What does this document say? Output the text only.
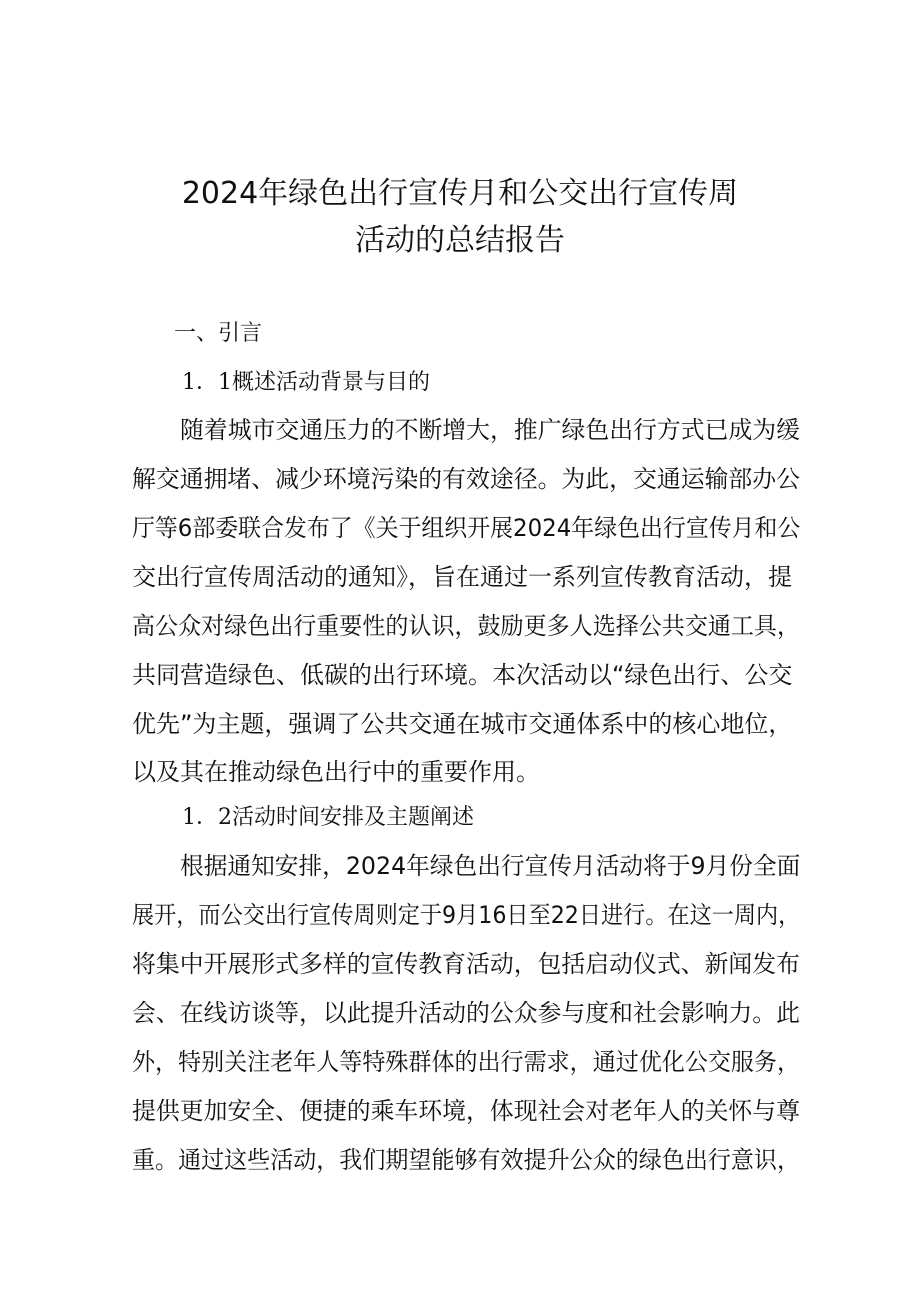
2024年绿色出行宣传月和公交出行宣传周
活动的总结报告
一、引言
1．1概述活动背景与目的
随着城市交通压力的不断增大，推广绿色出行方式已成为缓
解交通拥堵、减少环境污染的有效途径。为此，交通运输部办公
厅等6部委联合发布了《关于组织开展2024年绿色出行宣传月和公
交出行宣传周活动的通知》，旨在通过一系列宣传教育活动，提
高公众对绿色出行重要性的认识，鼓励更多人选择公共交通工具，
共同营造绿色、低碳的出行环境。本次活动以“绿色出行、公交
优先”为主题，强调了公共交通在城市交通体系中的核心地位，
以及其在推动绿色出行中的重要作用。
1．2活动时间安排及主题阐述
根据通知安排，2024年绿色出行宣传月活动将于9月份全面
展开，而公交出行宣传周则定于9月16日至22日进行。在这一周内，
将集中开展形式多样的宣传教育活动，包括启动仪式、新闻发布
会、在线访谈等，以此提升活动的公众参与度和社会影响力。此
外，特别关注老年人等特殊群体的出行需求，通过优化公交服务，
提供更加安全、便捷的乘车环境，体现社会对老年人的关怀与尊
重。通过这些活动，我们期望能够有效提升公众的绿色出行意识，
